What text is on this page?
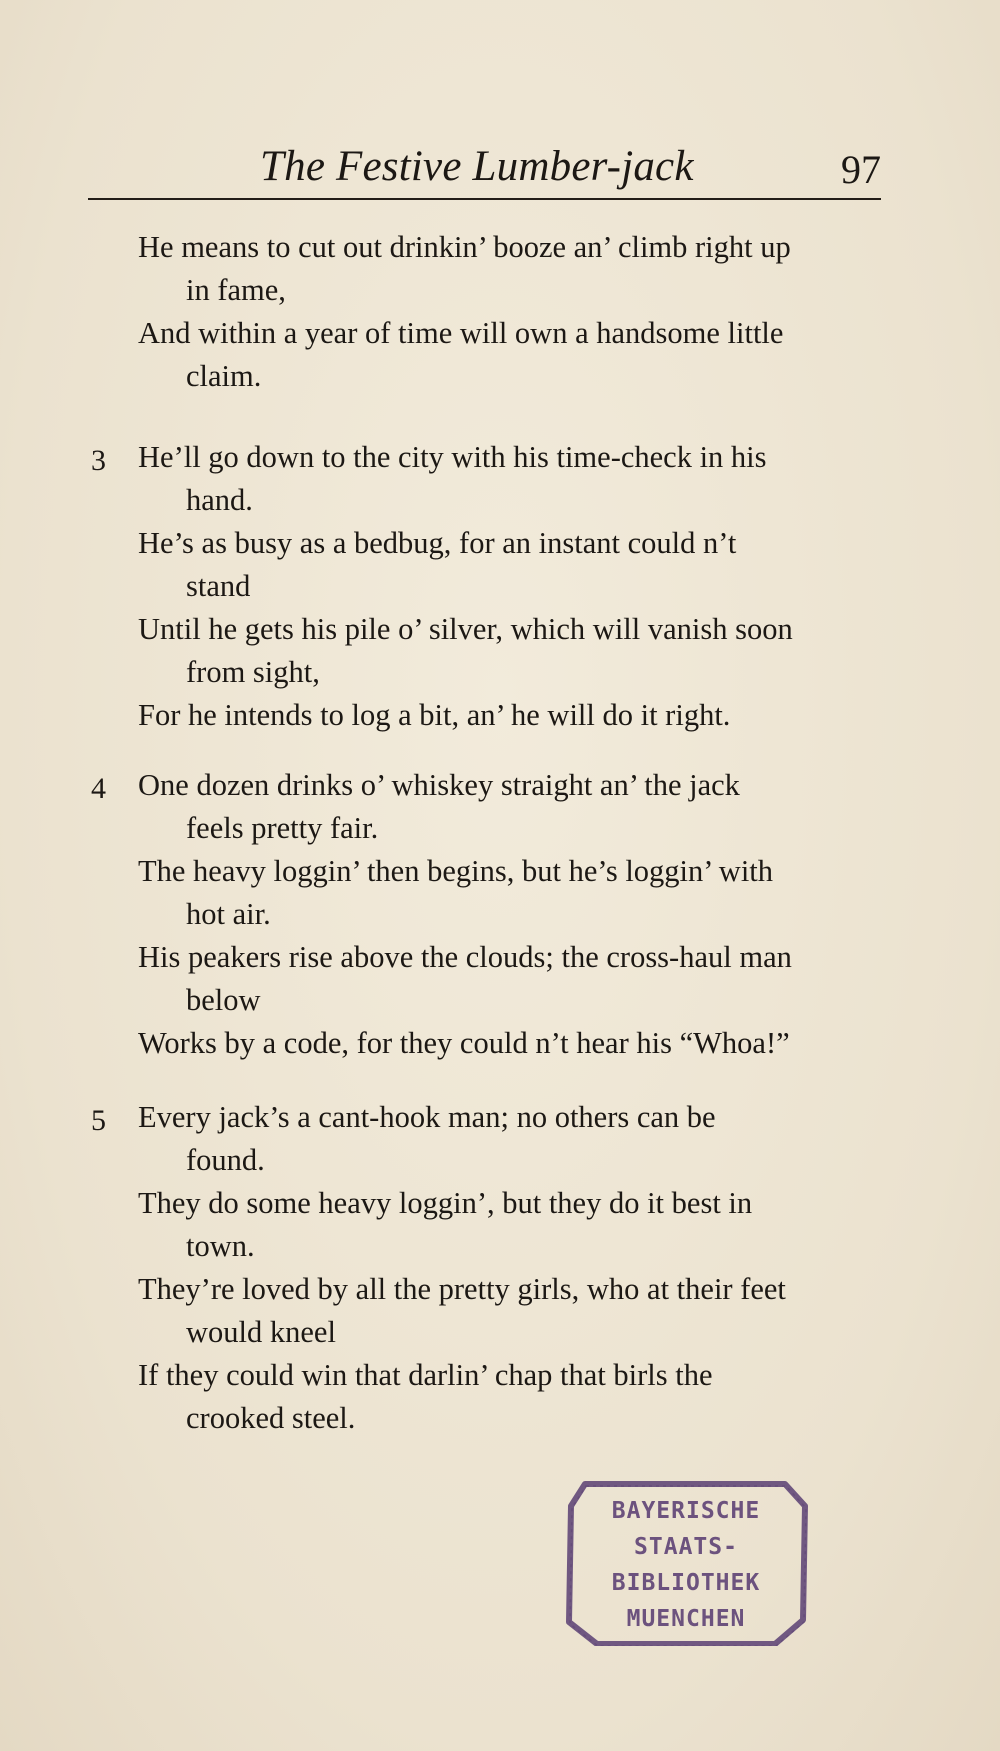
The Festive Lumber-jack	97
He means to cut out drinkin’ booze an’ climb right up
in fame,
And within a year of time will own a handsome little
claim.
3 He’ll go down to the city with his time-check in his
hand.
He’s as busy as a bedbug, for an instant could n’t
stand
Until he gets his pile o’ silver, which will vanish soon
from sight,
For he intends to log a bit, an’ he will do it right.
4 One dozen drinks o’ whiskey straight an’ the jack
feels pretty fair.
The heavy loggin’ then begins, but he’s loggin’ with
hot air.
His peakers rise above the clouds; the cross-haul man
below
Works by a code, for they could n’t hear his “Whoa!”
5 Every jack’s a cant-hook man; no others can be
found.
They do some heavy loggin’, but they do it best in
town.
They’re loved by all the pretty girls, who at their feet
would kneel
If they could win that darlin’ chap that birls the
crooked steel.
BAYERISCHE
STAATS-
BIBLIOTHEK
MUENCHEN
